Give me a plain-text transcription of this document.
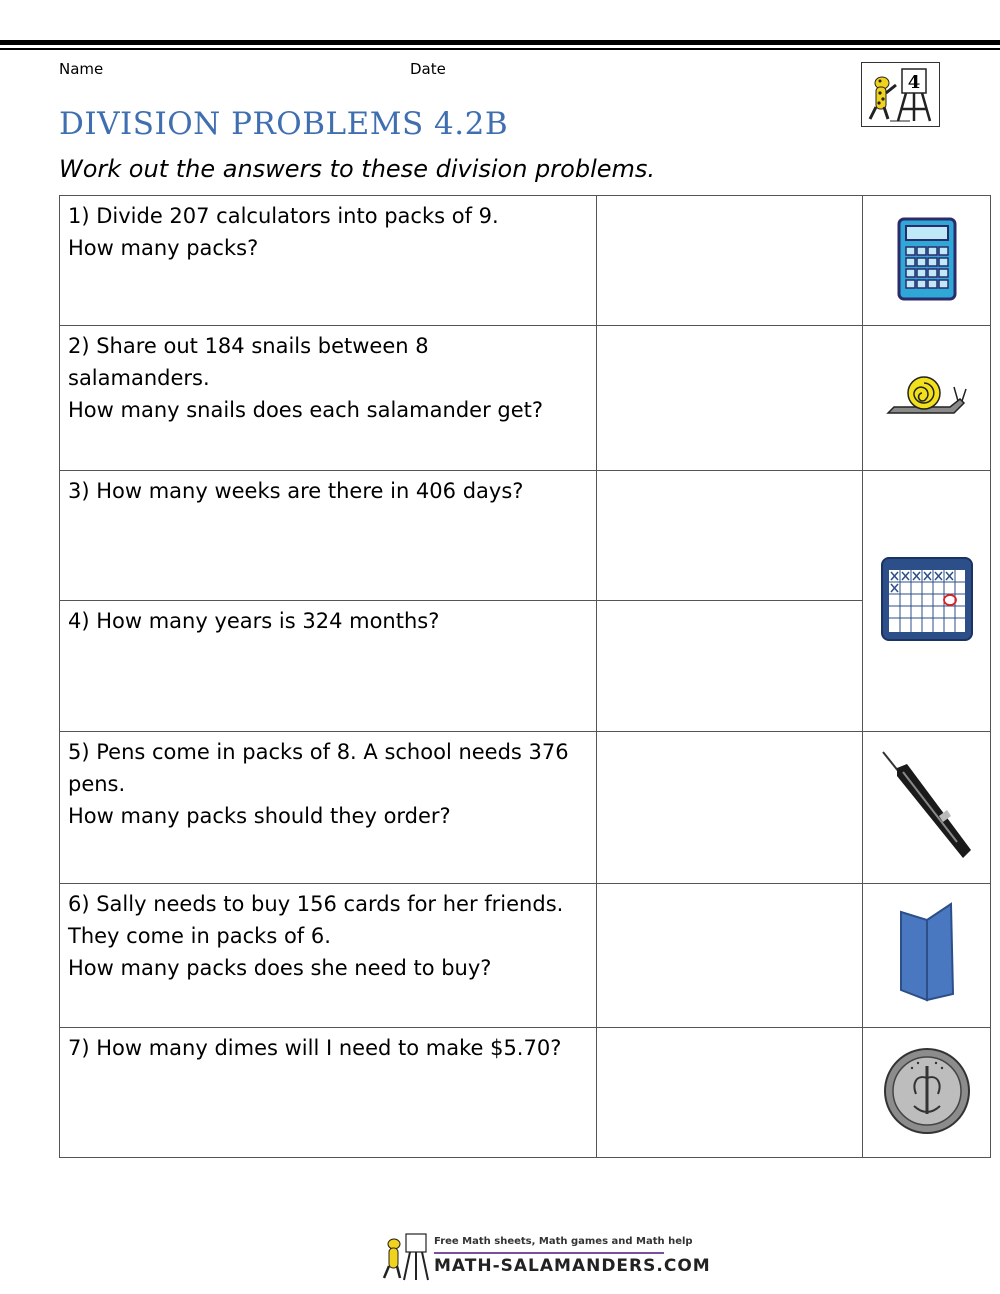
Name	Date
4
DIVISION PROBLEMS 4.2B
Work out the answers to these division problems.
1) Divide 207 calculators into packs of 9.
How many packs?

2) Share out 184 snails between 8
salamanders.
How many snails does each salamander get?

3) How many weeks are there in 406 days?

4) How many years is 324 months?		

5) Pens come in packs of 8. A school needs 376
pens.
How many packs should they order?

6) Sally needs to buy 156 cards for her friends.
They come in packs of 6.
How many packs does she need to buy?

7) How many dimes will I need to make $5.70?

Free Math sheets, Math games and Math help
MATH-SALAMANDERS.COM
